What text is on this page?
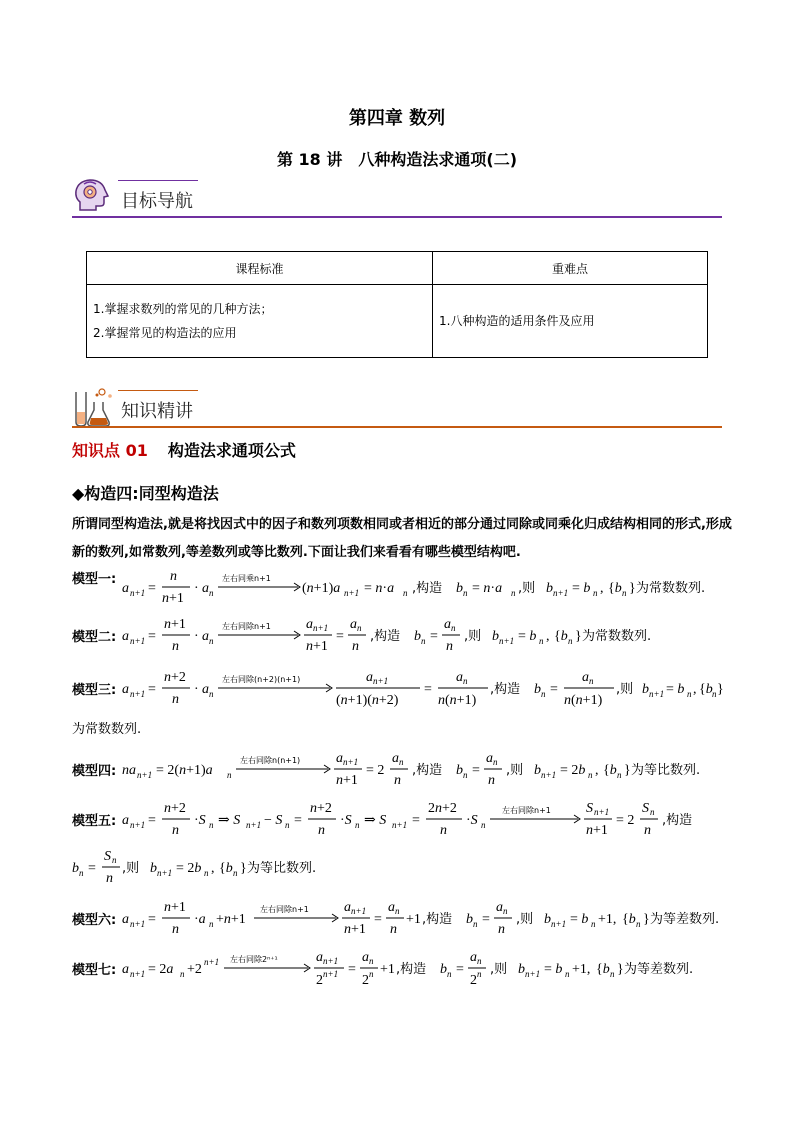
第四章 数列
第 18 讲　八种构造法求通项(二)
目标导航
课程标准	重难点

1.掌握求数列的常见的几种方法；
2.掌握常见的构造法的应用	1.八种构造的适用条件及应用
知识精讲
知识点 01 构造法求通项公式
◆构造四:同型构造法
所谓同型构造法,就是将找因式中的因子和数列项数相同或者相近的部分通过同除或同乘化归成结构相同的形式,形成新的数列,如常数列,等差数列或等比数列.下面让我们来看看有哪些模型结构吧.
模型一:
a n+1 =
n
n+1
· a n
左右同乘n+1
(n+1)a n+1 = n·a n ,构造 b n = n·a n ,则 b n+1 = b n , {b n } 为常数数列.
模型二: a n+1 =
n+1
n
· a n
左右同除n+1	a n+1
n+1
=
a n
n
,构造 b n =
a n
n
,则 b n+1 = b n , {b n } 为常数数列.
模型三: a n+1 =
n+2
n
· a n
左右同除(n+2)(n+1)	a n+1
(n+1)(n+2)
=
a n
n(n+1)
,构造 b n =
a n
n(n+1)
,则 b n+1 = b n , {b n }
为常数数列.
模型四: na n+1 = 2(n+1)a n
左右同除n(n+1)	a n+1
n+1
= 2
a n
n
,构造 b n =
a n
n
,则 b n+1 = 2b n , {b n } 为等比数列.
模型五: a n+1 =
n+2
n
·S n ⇒ S n+1 − S n =
n+2
n
·S n ⇒ S n+1 =
2n+2
n
·S n
左右同除n+1	S n+1
n+1
= 2
S n
n
,构造
b n =
S n
n
,则 b n+1 = 2b n , {b n } 为等比数列.
模型六: a n+1 =
n+1
n
·a n +n+1
左右同除n+1	a n+1
n+1
=
a n
n
+1 ,构造 b n =
a n
n
,则 b n+1 = b n +1, {b n } 为等差数列.
模型七: a n+1 = 2a n +2 n+1 左右同除2ⁿ⁺¹	a n+1
2 n+1 =
a n
2 n +1 ,构造 b n =
a n
2 n ,则 b n+1 = b n +1, {b n } 为等差数列.
